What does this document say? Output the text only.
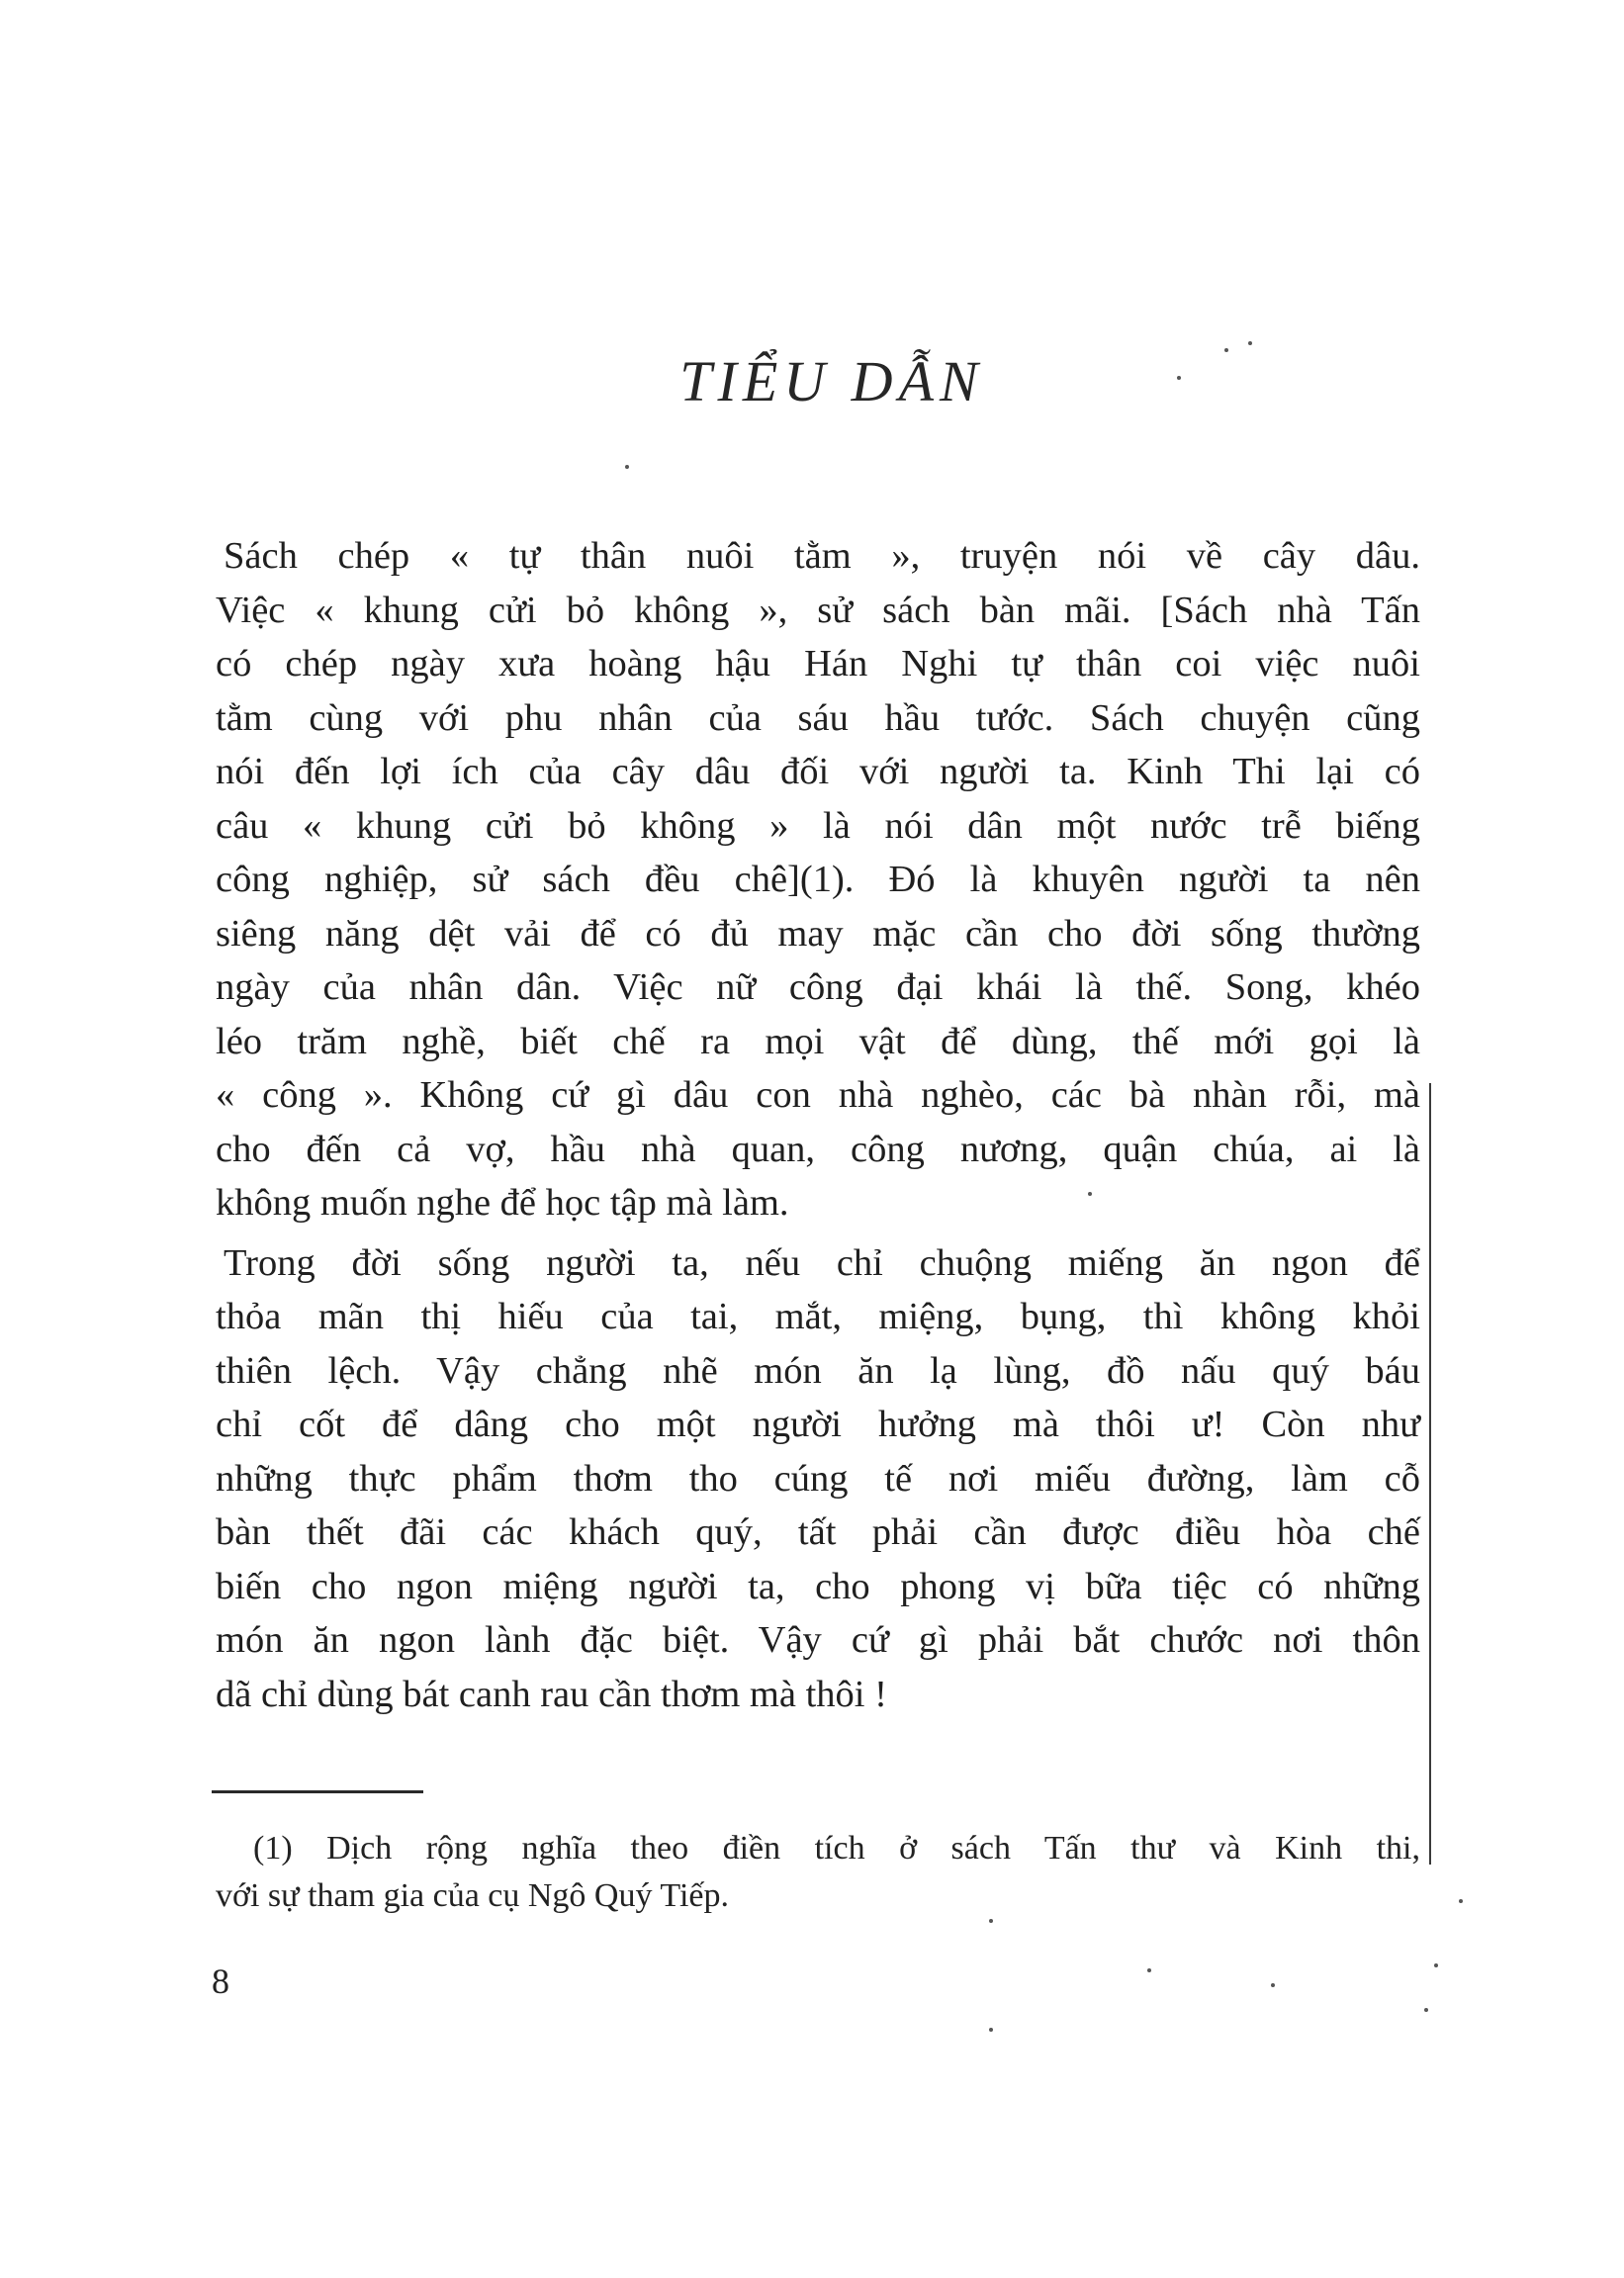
TIỂU DẪN
Sách chép « tự thân nuôi tằm », truyện nói về cây dâu.
Việc « khung cửi bỏ không », sử sách bàn mãi. [Sách nhà Tấn
có chép ngày xưa hoàng hậu Hán Nghi tự thân coi việc nuôi
tằm cùng với phu nhân của sáu hầu tước. Sách chuyện cũng
nói đến lợi ích của cây dâu đối với người ta. Kinh Thi lại có
câu « khung cửi bỏ không » là nói dân một nước trễ biếng
công nghiệp, sử sách đều chê](1). Đó là khuyên người ta nên
siêng năng dệt vải để có đủ may mặc cần cho đời sống thường
ngày của nhân dân. Việc nữ công đại khái là thế. Song, khéo
léo trăm nghề, biết chế ra mọi vật để dùng, thế mới gọi là
« công ». Không cứ gì dâu con nhà nghèo, các bà nhàn rỗi, mà
cho đến cả vợ, hầu nhà quan, công nương, quận chúa, ai là
không muốn nghe để học tập mà làm.
Trong đời sống người ta, nếu chỉ chuộng miếng ăn ngon để
thỏa mãn thị hiếu của tai, mắt, miệng, bụng, thì không khỏi
thiên lệch. Vậy chẳng nhẽ món ăn lạ lùng, đồ nấu quý báu
chỉ cốt để dâng cho một người hưởng mà thôi ư! Còn như
những thực phẩm thơm tho cúng tế nơi miếu đường, làm cỗ
bàn thết đãi các khách quý, tất phải cần được điều hòa chế
biến cho ngon miệng người ta, cho phong vị bữa tiệc có những
món ăn ngon lành đặc biệt. Vậy cứ gì phải bắt chước nơi thôn
dã chỉ dùng bát canh rau cần thơm mà thôi !
(1) Dịch rộng nghĩa theo điền tích ở sách Tấn thư và Kinh thi,
với sự tham gia của cụ Ngô Quý Tiếp.
8
